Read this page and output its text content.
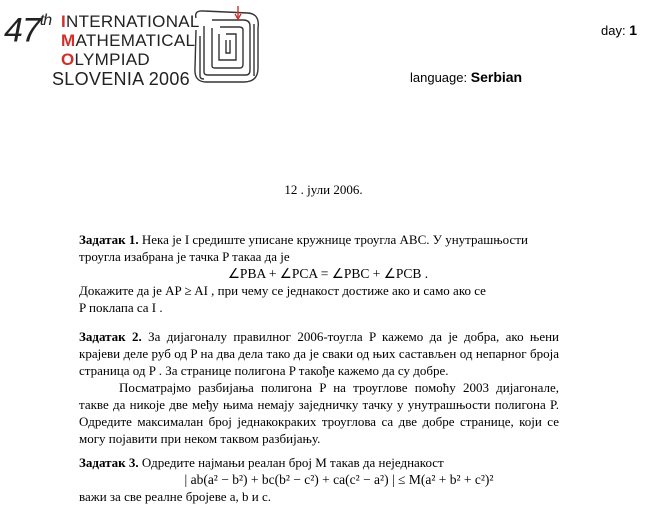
47th INTERNATIONAL
MATHEMATICAL
OLYMPIAD
SLOVENIA 2006
day: 1
language: Serbian
12 . јули 2006.
Задатак 1. Нека је I средиште уписане кружнице троугла ABC. У унутрашњости троугла изабрана је тачка P такаа да је
∠PBA + ∠PCA = ∠PBC + ∠PCB .
Докажите да је AP ≥ AI , при чему се једнакост достиже ако и само ако се
P поклапа са I .
Задатак 2. За дијагоналу правилног 2006-тоугла P кажемо да је добра, ако њени крајеви деле руб од P на два дела тако да је сваки од њих састављен од непарног броја страница од P . За странице полигона P такође кажемо да су добре.
Посматрајмо разбијања полигона P на троуглове помоћу 2003 дијагонале, такве да никоје две међу њима немају заједничку тачку у унутрашњости полигона P. Одредите максималан број једнакокраких троуглова са две добре странице, који се могу појавити при неком таквом разбијању.
Задатак 3. Одредите најмањи реалан број M такав да неједнакост
| ab(a² − b²) + bc(b² − c²) + ca(c² − a²) | ≤ M(a² + b² + c²)²
важи за све реалне бројеве a, b и c.
